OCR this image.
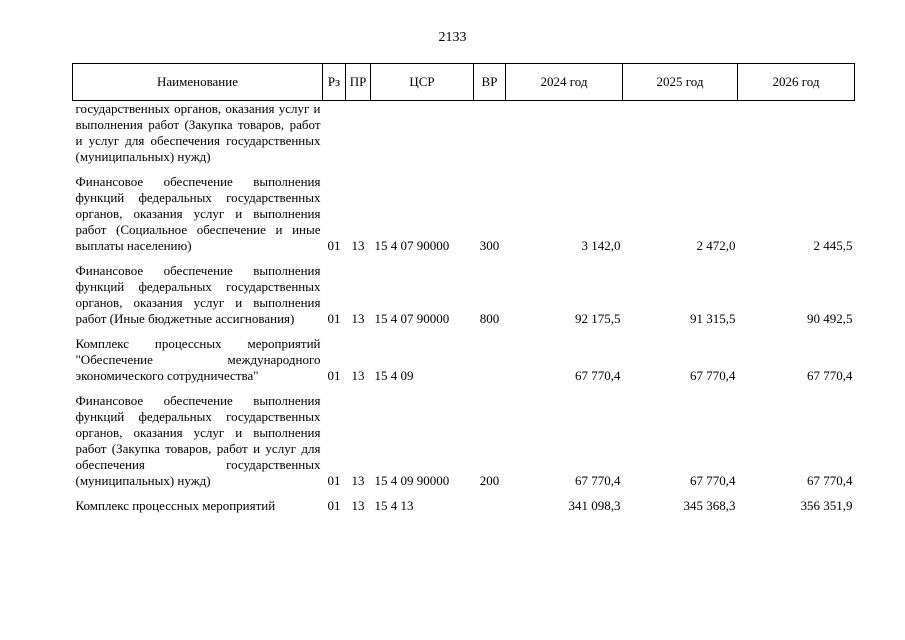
2133
Наименование	Рз	ПР	ЦСР	ВР	2024 год	2025 год	2026 год
государственных органов, оказания услуг и выполнения работ (Закупка товаров, работ и услуг для обеспечения государственных (муниципальных) нужд)							

Финансовое обеспечение выполнения функций федеральных государственных органов, оказания услуг и выполнения работ (Социальное обеспечение и иные выплаты населению)	01	13	15 4 07 90000	300	3 142,0	2 472,0	2 445,5

Финансовое обеспечение выполнения функций федеральных государственных органов, оказания услуг и выполнения работ (Иные бюджетные ассигнования)	01	13	15 4 07 90000	800	92 175,5	91 315,5	90 492,5

Комплекс процессных мероприятий "Обеспечение международного экономического сотрудничества"	01	13	15 4 09		67 770,4	67 770,4	67 770,4

Финансовое обеспечение выполнения функций федеральных государственных органов, оказания услуг и выполнения работ (Закупка товаров, работ и услуг для обеспечения государственных (муниципальных) нужд)	01	13	15 4 09 90000	200	67 770,4	67 770,4	67 770,4

Комплекс процессных мероприятий	01	13	15 4 13		341 098,3	345 368,3	356 351,9
